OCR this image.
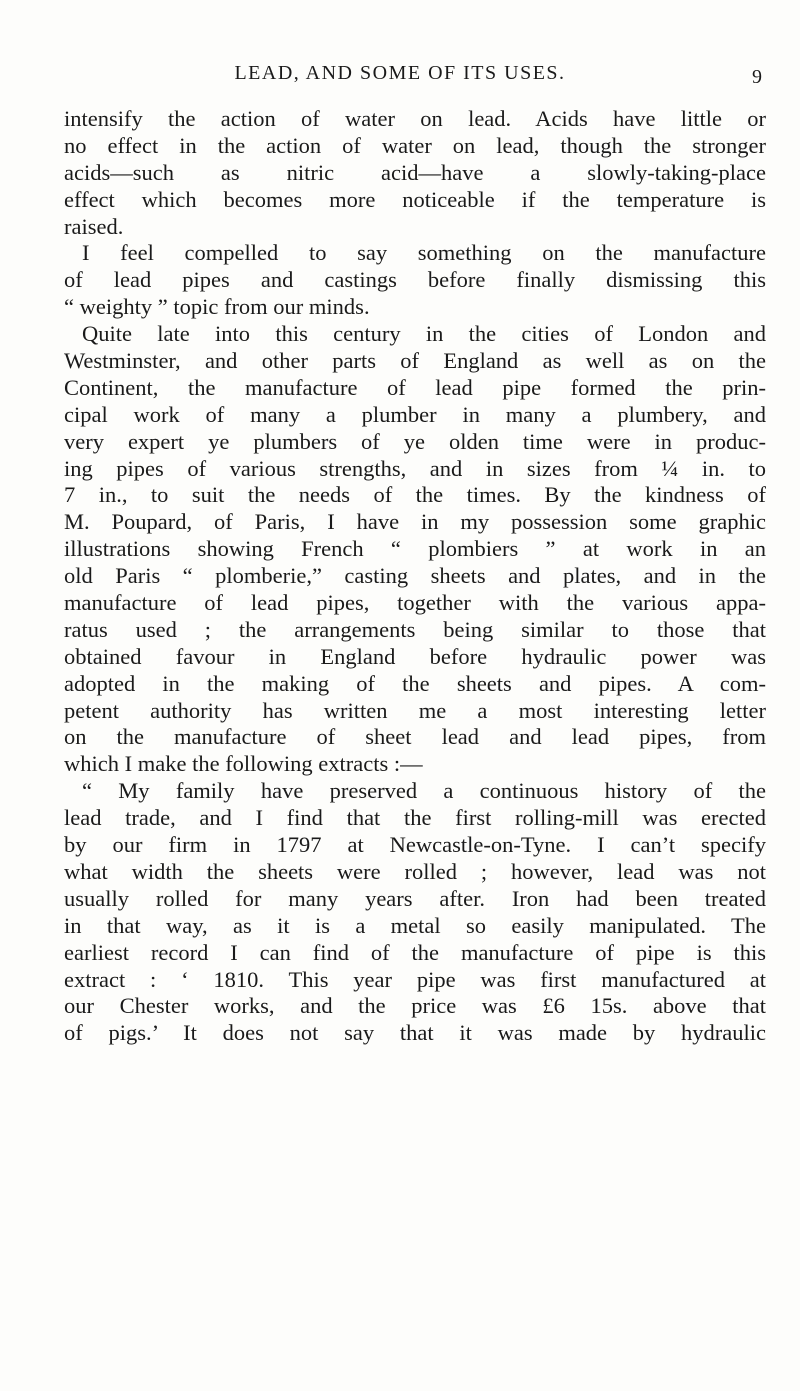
LEAD, AND SOME OF ITS USES.	9
intensify the action of water on lead. Acids have little or
no effect in the action of water on lead, though the stronger
acids—such as nitric acid—have a slowly-taking-place
effect which becomes more noticeable if the temperature is
raised.
I feel compelled to say something on the manufacture
of lead pipes and castings before finally dismissing this
“ weighty ” topic from our minds.
Quite late into this century in the cities of London and
Westminster, and other parts of England as well as on the
Continent, the manufacture of lead pipe formed the prin-
cipal work of many a plumber in many a plumbery, and
very expert ye plumbers of ye olden time were in produc-
ing pipes of various strengths, and in sizes from ¼ in. to
7 in., to suit the needs of the times. By the kindness of
M. Poupard, of Paris, I have in my possession some graphic
illustrations showing French “ plombiers ” at work in an
old Paris “ plomberie,” casting sheets and plates, and in the
manufacture of lead pipes, together with the various appa-
ratus used ; the arrangements being similar to those that
obtained favour in England before hydraulic power was
adopted in the making of the sheets and pipes. A com-
petent authority has written me a most interesting letter
on the manufacture of sheet lead and lead pipes, from
which I make the following extracts :—
“ My family have preserved a continuous history of the
lead trade, and I find that the first rolling-mill was erected
by our firm in 1797 at Newcastle-on-Tyne. I can’t specify
what width the sheets were rolled ; however, lead was not
usually rolled for many years after. Iron had been treated
in that way, as it is a metal so easily manipulated. The
earliest record I can find of the manufacture of pipe is this
extract : ‘ 1810. This year pipe was first manufactured at
our Chester works, and the price was £6 15s. above that
of pigs.’ It does not say that it was made by hydraulic
